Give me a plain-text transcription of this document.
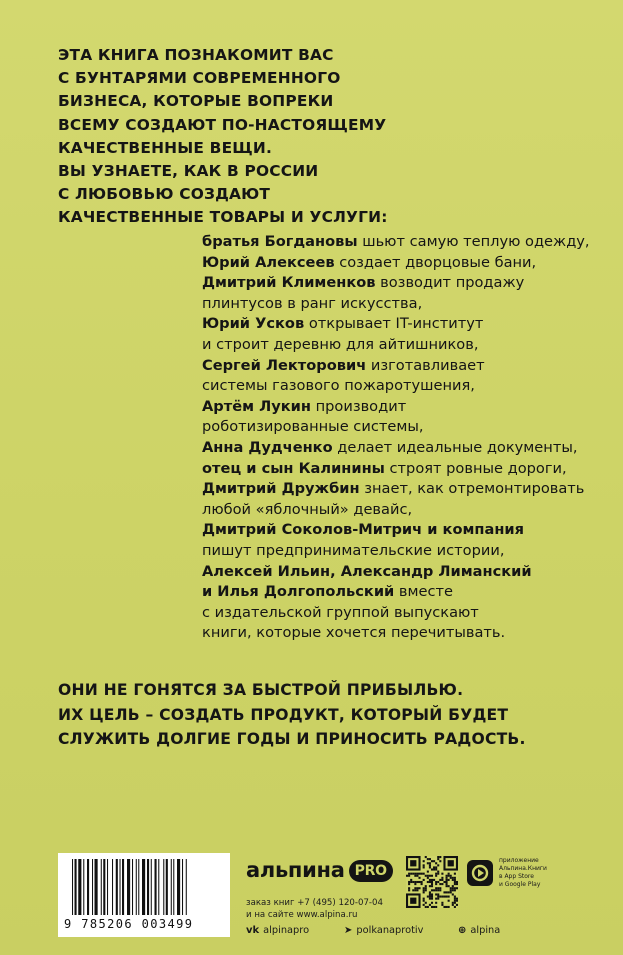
ЭТА КНИГА ПОЗНАКОМИТ ВАС
С БУНТАРЯМИ СОВРЕМЕННОГО
БИЗНЕСА, КОТОРЫЕ ВОПРЕКИ
ВСЕМУ СОЗДАЮТ ПО-НАСТОЯЩЕМУ
КАЧЕСТВЕННЫЕ ВЕЩИ.
ВЫ УЗНАЕТЕ, КАК В РОССИИ
С ЛЮБОВЬЮ СОЗДАЮТ
КАЧЕСТВЕННЫЕ ТОВАРЫ И УСЛУГИ:
братья Богдановы шьют самую теплую одежду,
Юрий Алексеев создает дворцовые бани,
Дмитрий Клименков возводит продажу
плинтусов в ранг искусства,
Юрий Усков открывает IT-институт
и строит деревню для айтишников,
Сергей Лекторович изготавливает
системы газового пожаротушения,
Артём Лукин производит
роботизированные системы,
Анна Дудченко делает идеальные документы,
отец и сын Калинины строят ровные дороги,
Дмитрий Дружбин знает, как отремонтировать
любой «яблочный» девайс,
Дмитрий Соколов-Митрич и компания
пишут предпринимательские истории,
Алексей Ильин, Александр Лиманский
и Илья Долгопольский вместе
с издательской группой выпускают
книги, которые хочется перечитывать.
ОНИ НЕ ГОНЯТСЯ ЗА БЫСТРОЙ ПРИБЫЛЬЮ.
ИХ ЦЕЛЬ – СОЗДАТЬ ПРОДУКТ, КОТОРЫЙ БУДЕТ
СЛУЖИТЬ ДОЛГИЕ ГОДЫ И ПРИНОСИТЬ РАДОСТЬ.
9 785206 003499
альпина PRO
заказ книг +7 (495) 120-07-04
и на сайте www.alpina.ru
приложение
Альпина.Книги
в App Store
и Google Play
vk alpinapro	➤ polkanaprotiv	⊕ alpina
